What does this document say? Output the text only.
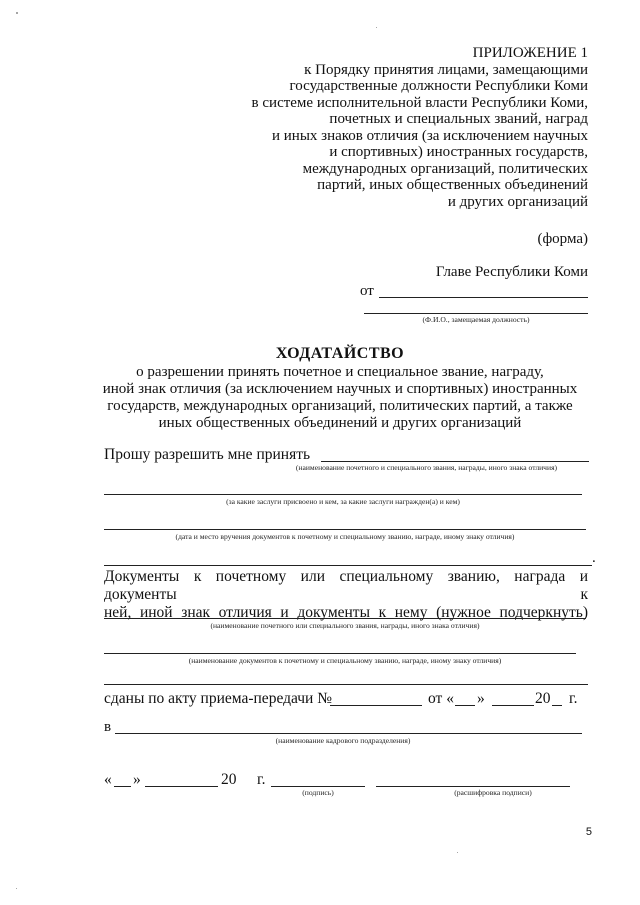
ПРИЛОЖЕНИЕ 1
к Порядку принятия лицами, замещающими
государственные должности Республики Коми
в системе исполнительной власти Республики Коми,
почетных и специальных званий, наград
и иных знаков отличия (за исключением научных
и спортивных) иностранных государств,
международных организаций, политических
партий, иных общественных объединений
и других организаций
(форма)
Главе Республики Коми
от
(Ф.И.О., замещаемая должность)
ХОДАТАЙСТВО
о разрешении принять почетное и специальное звание, награду,
иной знак отличия (за исключением научных и спортивных) иностранных
государств, международных организаций, политических партий, а также
иных общественных объединений и других организаций
Прошу разрешить мне принять
(наименование почетного и специального звания, награды, иного знака отличия)
(за какие заслуги присвоено и кем, за какие заслуги награжден(а) и кем)
(дата и место вручения документов к почетному и специальному званию, награде, иному знаку отличия)
.
Документы к почетному или специальному званию, награда и документы к
ней, иной знак отличия и документы к нему (нужное подчеркнуть)
(наименование почетного или специального звания, награды, иного знака отличия)
(наименование документов к почетному и специальному званию, награде, иному знаку отличия)
сданы по акту приема-передачи №	от « »	20 г.
в
(наименование кадрового подразделения)
« »	20 г.
(подпись)	(расшифровка подписи)
5
